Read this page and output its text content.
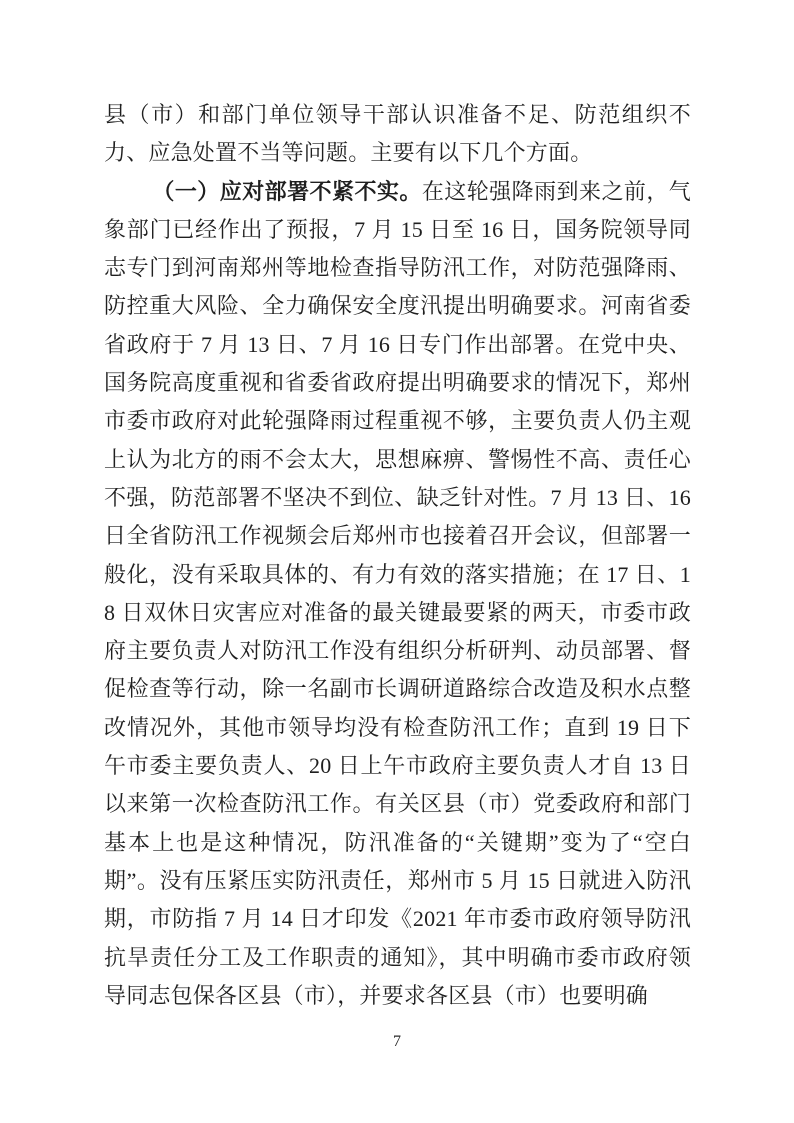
县（市）和部门单位领导干部认识准备不足、防范组织不力、应急处置不当等问题。主要有以下几个方面。

（一）应对部署不紧不实。在这轮强降雨到来之前，气象部门已经作出了预报，7 月 15 日至 16 日，国务院领导同志专门到河南郑州等地检查指导防汛工作，对防范强降雨、防控重大风险、全力确保安全度汛提出明确要求。河南省委省政府于 7 月 13 日、7 月 16 日专门作出部署。在党中央、国务院高度重视和省委省政府提出明确要求的情况下，郑州市委市政府对此轮强降雨过程重视不够，主要负责人仍主观上认为北方的雨不会太大，思想麻痹、警惕性不高、责任心不强，防范部署不坚决不到位、缺乏针对性。7 月 13 日、16 日全省防汛工作视频会后郑州市也接着召开会议，但部署一般化，没有采取具体的、有力有效的落实措施；在 17 日、18 日双休日灾害应对准备的最关键最要紧的两天，市委市政府主要负责人对防汛工作没有组织分析研判、动员部署、督促检查等行动，除一名副市长调研道路综合改造及积水点整改情况外，其他市领导均没有检查防汛工作；直到 19 日下午市委主要负责人、20 日上午市政府主要负责人才自 13 日以来第一次检查防汛工作。有关区县（市）党委政府和部门基本上也是这种情况，防汛准备的“关键期”变为了“空白期”。没有压紧压实防汛责任，郑州市 5 月 15 日就进入防汛期，市防指 7 月 14 日才印发《2021 年市委市政府领导防汛抗旱责任分工及工作职责的通知》，其中明确市委市政府领导同志包保各区县（市），并要求各区县（市）也要明确

7
